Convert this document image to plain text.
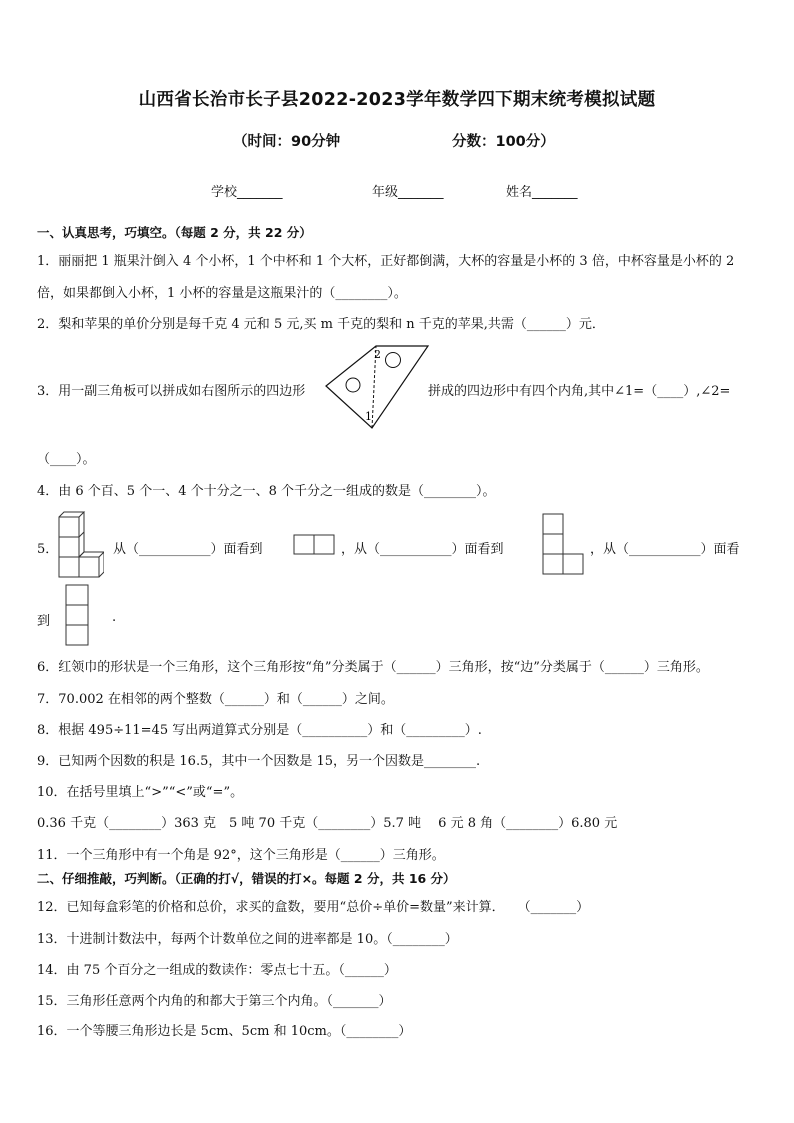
山西省长治市长子县2022-2023学年数学四下期末统考模拟试题
（时间：90分钟	分数：100分）
学校_______	年级_______	姓名_______
一、认真思考，巧填空。（每题 2 分，共 22 分）
1．丽丽把 1 瓶果汁倒入 4 个小杯，1 个中杯和 1 个大杯，正好都倒满，大杯的容量是小杯的 3 倍，中杯容量是小杯的 2
倍，如果都倒入小杯，1 小杯的容量是这瓶果汁的（________）。
2．梨和苹果的单价分别是每千克 4 元和 5 元,买 m 千克的梨和 n 千克的苹果,共需（______）元．
3．用一副三角板可以拼成如右图所示的四边形
2
1
拼成的四边形中有四个内角,其中∠1=（____）,∠2=
（____）。
4．由 6 个百、5 个一、4 个十分之一、8 个千分之一组成的数是（________）。
5．	从（___________）面看到	，从（___________）面看到	，从（___________）面看
到	.
6．红领巾的形状是一个三角形，这个三角形按“角”分类属于（______）三角形，按“边”分类属于（______）三角形。
7．70.002 在相邻的两个整数（______）和（______）之间。
8．根据 495÷11=45 写出两道算式分别是（__________）和（_________）.
9．已知两个因数的积是 16.5，其中一个因数是 15，另一个因数是________.
10．在括号里填上“>”“<”或“=”。
0.36 千克（________）363 克　5 吨 70 千克（________）5.7 吨　 6 元 8 角（________）6.80 元
11．一个三角形中有一个角是 92°，这个三角形是（______）三角形。
二、仔细推敲，巧判断。（正确的打√，错误的打×。每题 2 分，共 16 分）
12．已知每盒彩笔的价格和总价，求买的盒数，要用“总价÷单价=数量”来计算．　　（_______）
13．十进制计数法中，每两个计数单位之间的进率都是 10。（________）
14．由 75 个百分之一组成的数读作：零点七十五。（______）
15．三角形任意两个内角的和都大于第三个内角。（_______）
16．一个等腰三角形边长是 5cm、5cm 和 10cm。（________）
